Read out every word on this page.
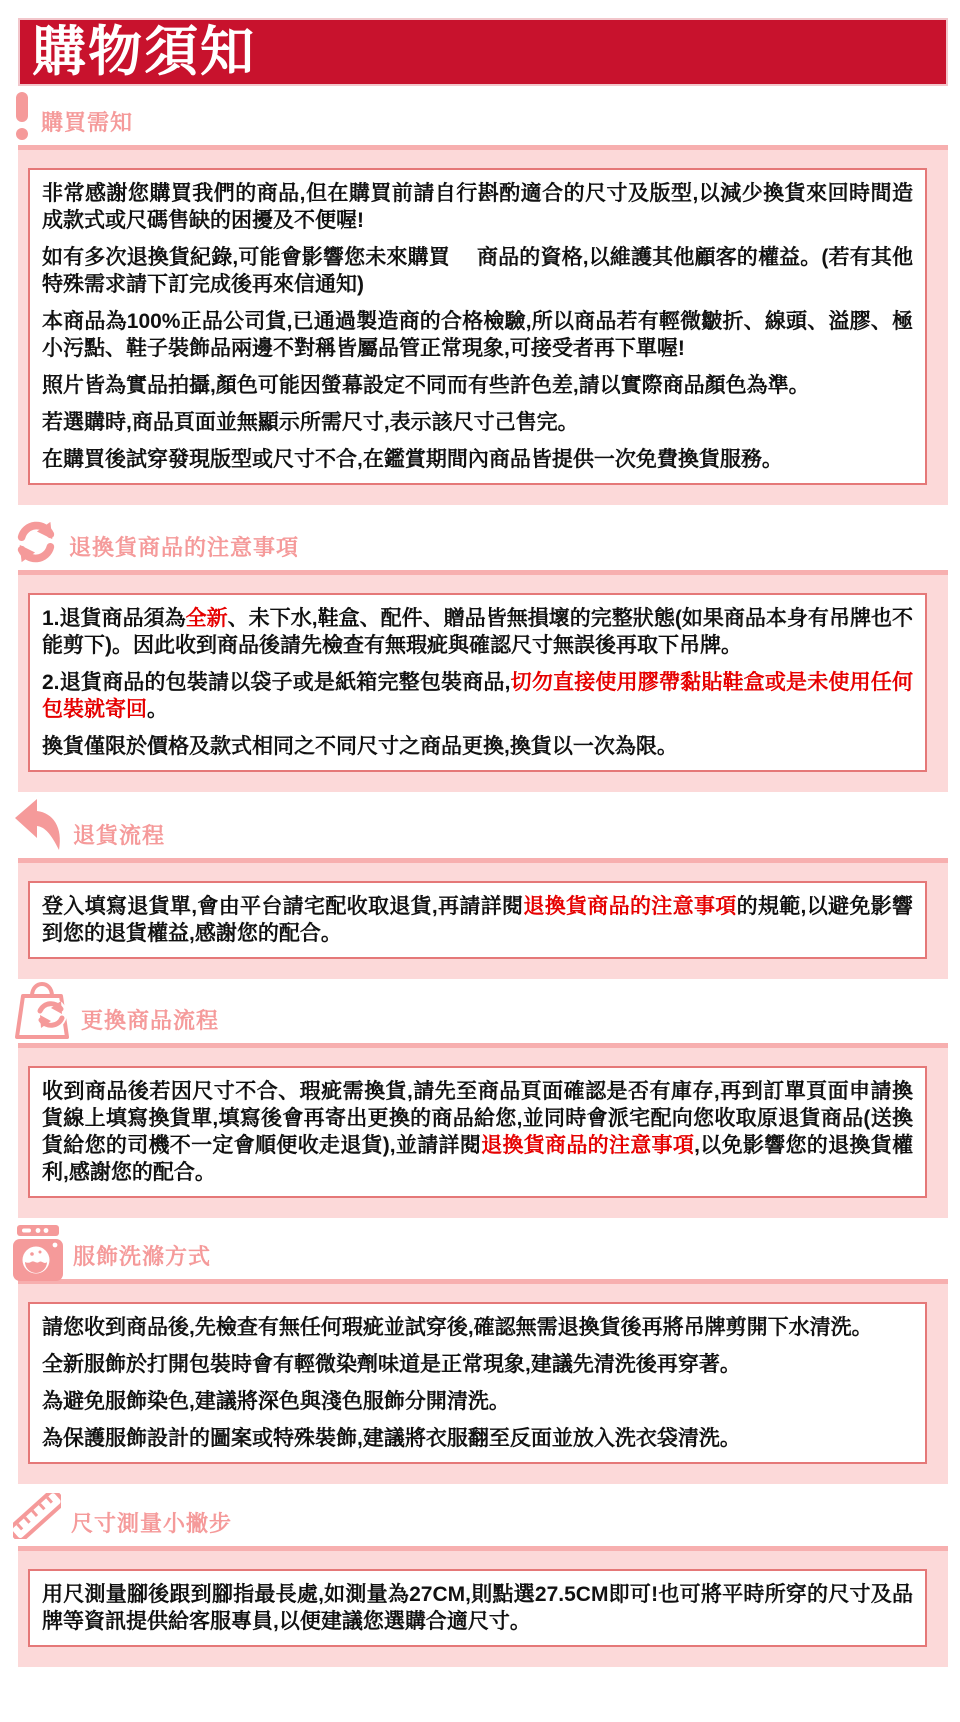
購物須知
購買需知

非常感謝您購買我們的商品,但在購買前請自行斟酌適合的尺寸及版型,以減少換貨來回時間造成款式或尺碼售缺的困擾及不便喔!

如有多次退換貨紀錄,可能會影響您未來購買　 商品的資格,以維護其他顧客的權益。(若有其他特殊需求請下訂完成後再來信通知)

本商品為100%正品公司貨,已通過製造商的合格檢驗,所以商品若有輕微皺折、線頭、溢膠、極小污點、鞋子裝飾品兩邊不對稱皆屬品管正常現象,可接受者再下單喔!

照片皆為實品拍攝,顏色可能因螢幕設定不同而有些許色差,請以實際商品顏色為準。

若選購時,商品頁面並無顯示所需尺寸,表示該尺寸己售完。

在購買後試穿發現版型或尺寸不合,在鑑賞期間內商品皆提供一次免費換貨服務。

退換貨商品的注意事項

1.退貨商品須為全新、未下水,鞋盒、配件、贈品皆無損壞的完整狀態(如果商品本身有吊牌也不能剪下)。因此收到商品後請先檢查有無瑕疵與確認尺寸無誤後再取下吊牌。

2.退貨商品的包裝請以袋子或是紙箱完整包裝商品,切勿直接使用膠帶黏貼鞋盒或是未使用任何包裝就寄回。

換貨僅限於價格及款式相同之不同尺寸之商品更換,換貨以一次為限。

退貨流程

登入填寫退貨單,會由平台請宅配收取退貨,再請詳閱退換貨商品的注意事項的規範,以避免影響到您的退貨權益,感謝您的配合。

更換商品流程

收到商品後若因尺寸不合、瑕疵需換貨,請先至商品頁面確認是否有庫存,再到訂單頁面申請換貨線上填寫換貨單,填寫後會再寄出更換的商品給您,並同時會派宅配向您收取原退貨商品(送換貨給您的司機不一定會順便收走退貨),並請詳閱退換貨商品的注意事項,以免影響您的退換貨權利,感謝您的配合。

服飾洗滌方式

請您收到商品後,先檢查有無任何瑕疵並試穿後,確認無需退換貨後再將吊牌剪開下水清洗。

全新服飾於打開包裝時會有輕微染劑味道是正常現象,建議先清洗後再穿著。

為避免服飾染色,建議將深色與淺色服飾分開清洗。

為保護服飾設計的圖案或特殊裝飾,建議將衣服翻至反面並放入洗衣袋清洗。

尺寸測量小撇步

用尺測量腳後跟到腳指最長處,如測量為27CM,則點選27.5CM即可!也可將平時所穿的尺寸及品牌等資訊提供給客服專員,以便建議您選購合適尺寸。
